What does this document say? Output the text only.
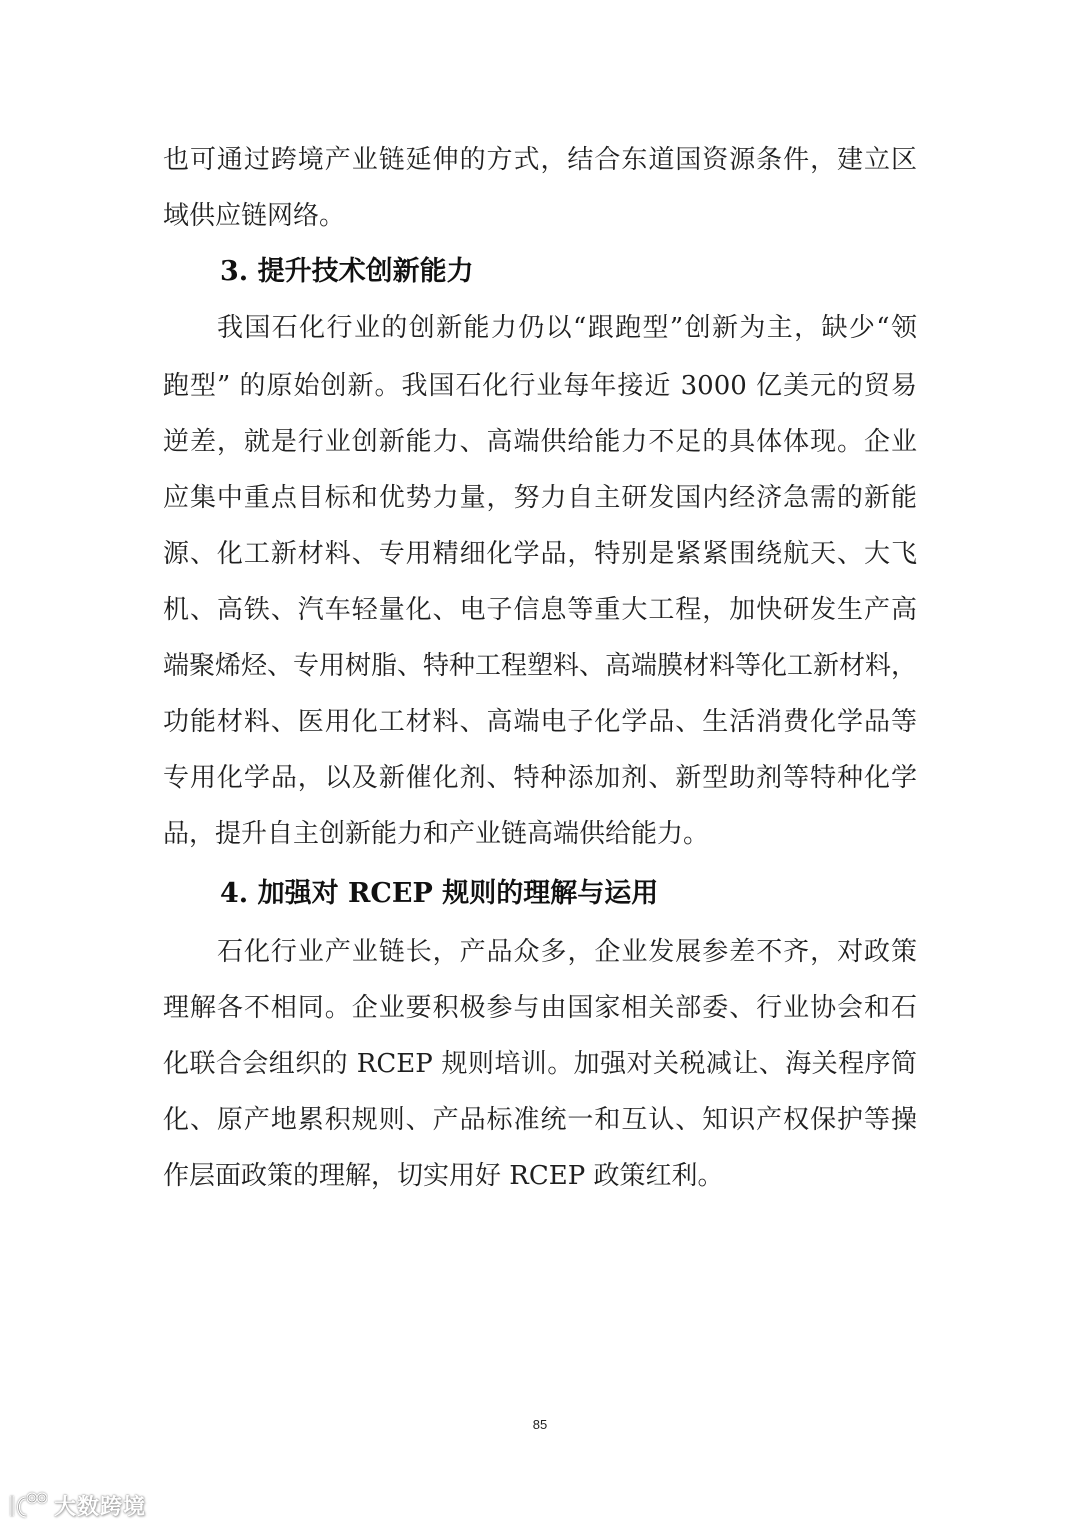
也可通过跨境产业链延伸的方式，结合东道国资源条件，建立区
域供应链网络。
3. 提升技术创新能力
我国石化行业的创新能力仍以“跟跑型”创新为主，缺少“领
跑型” 的原始创新。我国石化行业每年接近 3000 亿美元的贸易
逆差，就是行业创新能力、高端供给能力不足的具体体现。企业
应集中重点目标和优势力量，努力自主研发国内经济急需的新能
源、化工新材料、专用精细化学品，特别是紧紧围绕航天、大飞
机、高铁、汽车轻量化、电子信息等重大工程，加快研发生产高
端聚烯烃、专用树脂、特种工程塑料、高端膜材料等化工新材料，
功能材料、医用化工材料、高端电子化学品、生活消费化学品等
专用化学品，以及新催化剂、特种添加剂、新型助剂等特种化学
品，提升自主创新能力和产业链高端供给能力。
4. 加强对 RCEP 规则的理解与运用
石化行业产业链长，产品众多，企业发展参差不齐，对政策
理解各不相同。企业要积极参与由国家相关部委、行业协会和石
化联合会组织的 RCEP 规则培训。加强对关税减让、海关程序简
化、原产地累积规则、产品标准统一和互认、知识产权保护等操
作层面政策的理解，切实用好 RCEP 政策红利。
85
大数跨境
